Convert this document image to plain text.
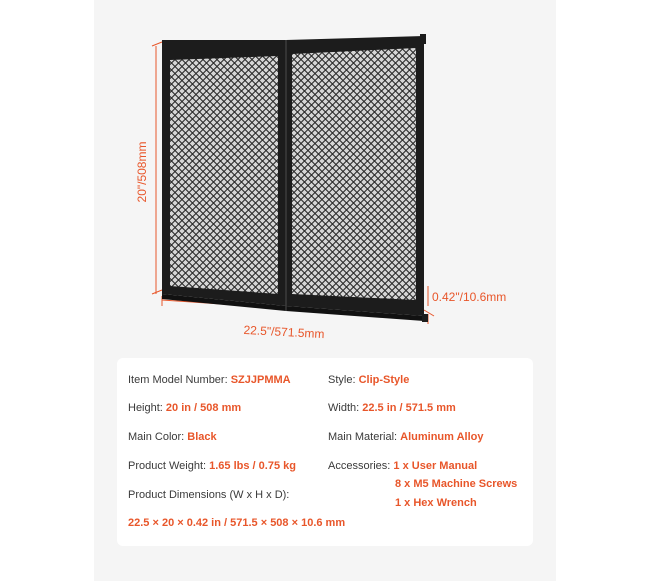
20"/508mm
22.5"/571.5mm
0.42"/10.6mm
Item Model Number: SZJJPMMA	Style: Clip-Style
Height: 20 in / 508 mm	Width: 22.5 in / 571.5 mm
Main Color: Black	Main Material: Aluminum Alloy
Product Weight: 1.65 lbs / 0.75 kg	Accessories: 1 x User Manual
8 x M5 Machine Screws
1 x Hex Wrench
Product Dimensions (W x H x D):
22.5 × 20 × 0.42 in / 571.5 × 508 × 10.6 mm
